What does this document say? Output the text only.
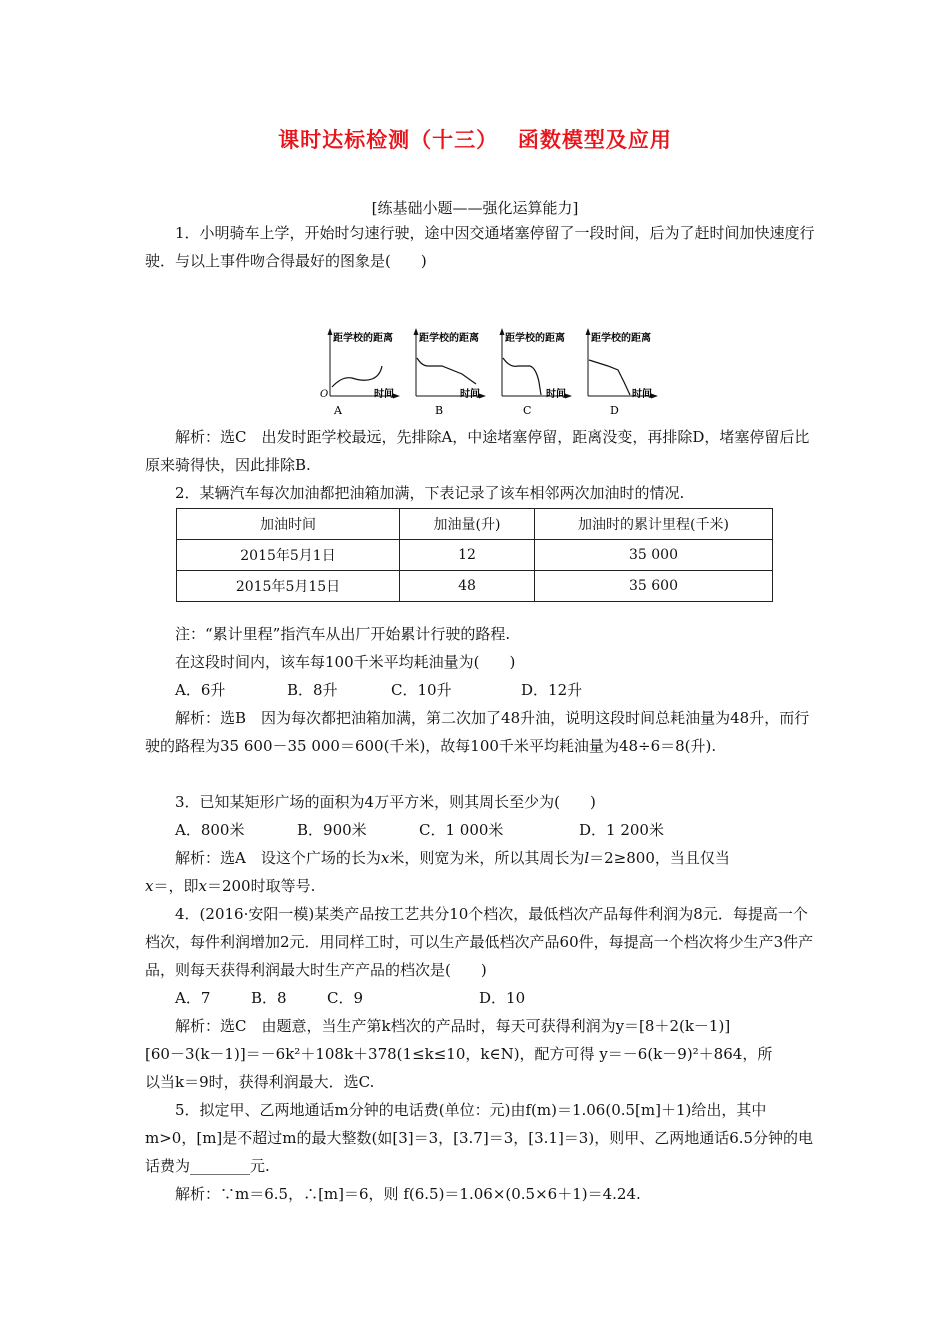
课时达标检测（十三）　 函数模型及应用
[练基础小题——强化运算能力]

1．小明骑车上学，开始时匀速行驶，途中因交通堵塞停留了一段时间，后为了赶时间加快速度行驶．与以上事件吻合得最好的图象是(　　)

距学校的距离
O	时间
A
距学校的距离
时间
B
距学校的距离
时间
C
距学校的距离
时间
D

解析：选C　出发时距学校最远，先排除A，中途堵塞停留，距离没变，再排除D，堵塞停留后比原来骑得快，因此排除B.

2．某辆汽车每次加油都把油箱加满，下表记录了该车相邻两次加油时的情况.

加油时间	加油量(升)	加油时的累计里程(千米)
2015年5月1日	12	35 000
2015年5月15日	48	35 600

注：“累计里程”指汽车从出厂开始累计行驶的路程.

在这段时间内，该车每100千米平均耗油量为(　　)

A．6升	B．8升	C．10升	D．12升

解析：选B　因为每次都把油箱加满，第二次加了48升油，说明这段时间总耗油量为48升，而行驶的路程为35 600－35 000＝600(千米)，故每100千米平均耗油量为48÷6＝8(升).

3．已知某矩形广场的面积为4万平方米，则其周长至少为(　　)

A．800米	B．900米	C．1 000米	D．1 200米

解析：选A　设这个广场的长为x米，则宽为米，所以其周长为l＝2≥800，当且仅当
x＝，即x＝200时取等号.

4．(2016·安阳一模)某类产品按工艺共分10个档次，最低档次产品每件利润为8元．每提高一个档次，每件利润增加2元．用同样工时，可以生产最低档次产品60件，每提高一个档次将少生产3件产品，则每天获得利润最大时生产产品的档次是(　　)

A．7	B．8	C．9	D．10

解析：选C　由题意，当生产第k档次的产品时，每天可获得利润为y＝[8＋2(k－1)]

[60－3(k－1)]＝－6k²＋108k＋378(1≤k≤10，k∈N)，配方可得 y＝－6(k－9)²＋864，所

以当k＝9时，获得利润最大．选C.

5．拟定甲、乙两地通话m分钟的电话费(单位：元)由f(m)＝1.06(0.5[m]＋1)给出，其中m>0，[m]是不超过m的最大整数(如[3]＝3，[3.7]＝3，[3.1]＝3)，则甲、乙两地通话6.5分钟的电话费为________元.

解析：∵m＝6.5，∴[m]＝6，则 f(6.5)＝1.06×(0.5×6＋1)＝4.24.
